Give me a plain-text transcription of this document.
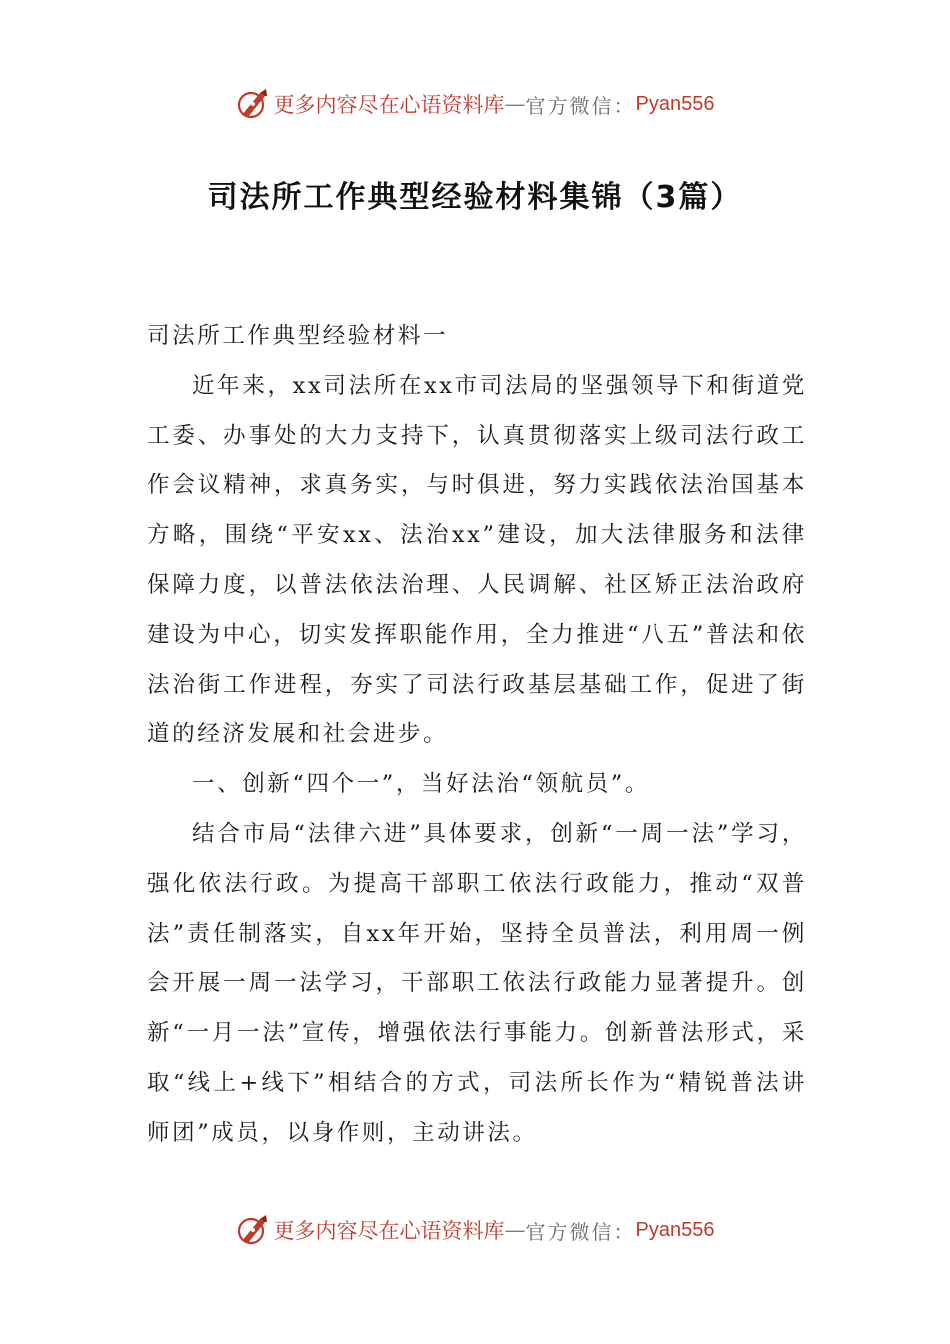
更多内容尽在心语资料库 — 官方微信： Pyan556
司法所工作典型经验材料集锦（3篇）

司法所工作典型经验材料一

近年来，xx司法所在xx市司法局的坚强领导下和街道党工委、办事处的大力支持下，认真贯彻落实上级司法行政工作会议精神，求真务实，与时俱进，努力实践依法治国基本方略，围绕“平安xx、法治xx”建设，加大法律服务和法律保障力度，以普法依法治理、人民调解、社区矫正法治政府建设为中心，切实发挥职能作用，全力推进“八五”普法和依法治街工作进程，夯实了司法行政基层基础工作，促进了街道的经济发展和社会进步。

一、创新“四个一”，当好法治“领航员”。

结合市局“法律六进”具体要求，创新“一周一法”学习，强化依法行政。为提高干部职工依法行政能力，推动“双普法”责任制落实，自xx年开始，坚持全员普法，利用周一例会开展一周一法学习，干部职工依法行政能力显著提升。创新“一月一法”宣传，增强依法行事能力。创新普法形式，采取“线上+线下”相结合的方式，司法所长作为“精锐普法讲师团”成员，以身作则，主动讲法。

更多内容尽在心语资料库 — 官方微信： Pyan556
